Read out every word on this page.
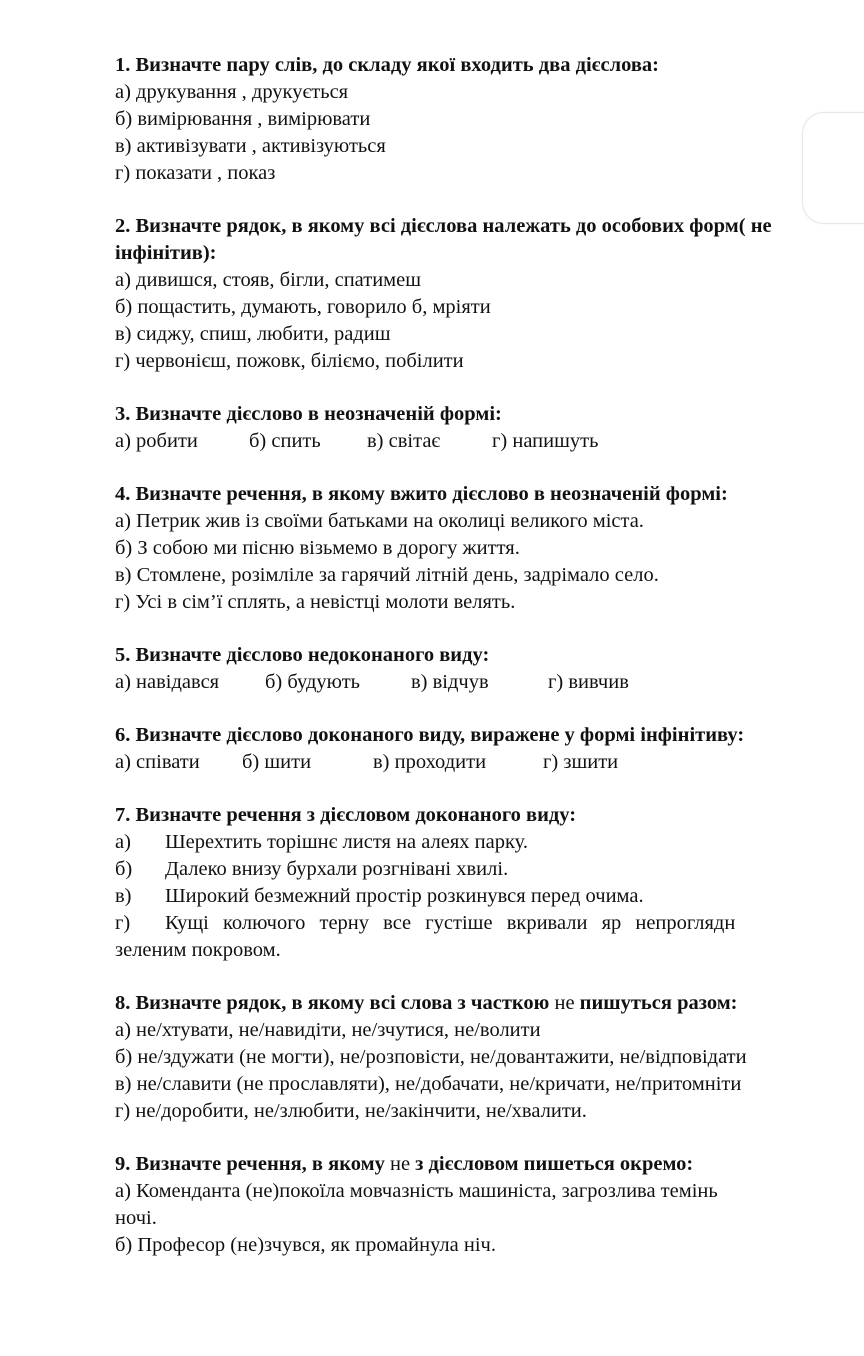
1. Визначте пару слів, до складу якої входить два дієслова:
а) друкування , друкується
б) вимірювання , вимірювати
в) активізувати , активізуються
г) показати , показ
2. Визначте рядок, в якому всі дієслова належать до особових форм( не
інфінітив):
а) дивишся, стояв, бігли, спатимеш
б) пощастить, думають, говорило б, мріяти
в) сиджу, спиш, любити, радиш
г) червонієш, пожовк, біліємо, побілити
3. Визначте дієслово в неозначеній формі:
а) робити б) спить в) світає	г) напишуть
4. Визначте речення, в якому вжито дієслово в неозначеній формі:
а) Петрик жив із своїми батьками на околиці великого міста.
б) З собою ми пісню візьмемо в дорогу життя.
в) Стомлене, розімліле за гарячий літній день, задрімало село.
г) Усі в сім’ї сплять, а невістці молоти велять.
5. Визначте дієслово недоконаного виду:
а) навідався б) будують в) відчув	г) вивчив
6. Визначте дієслово доконаного виду, виражене у формі інфінітиву:
а) співати б) шити	в) проходити	г) зшити
7. Визначте речення з дієсловом доконаного виду:
а) Шерехтить торішнє листя на алеях парку.
б) Далеко внизу бурхали розгнівані хвилі.
в) Широкий безмежний простір розкинувся перед очима.
г) Кущі колючого терну все густіше вкривали яр непроглядн
зеленим покровом.
8. Визначте рядок, в якому всі слова з часткою не пишуться разом:
а) не/хтувати, не/навидіти, не/зчутися, не/волити
б) не/здужати (не могти), не/розповісти, не/довантажити, не/відповідати
в) не/славити (не прославляти), не/добачати, не/кричати, не/притомніти
г) не/доробити, не/злюбити, не/закінчити, не/хвалити.
9. Визначте речення, в якому не з дієсловом пишеться окремо:
а) Коменданта (не)покоїла мовчазність машиніста, загрозлива темінь
ночі.
б) Професор (не)зчувся, як промайнула ніч.
